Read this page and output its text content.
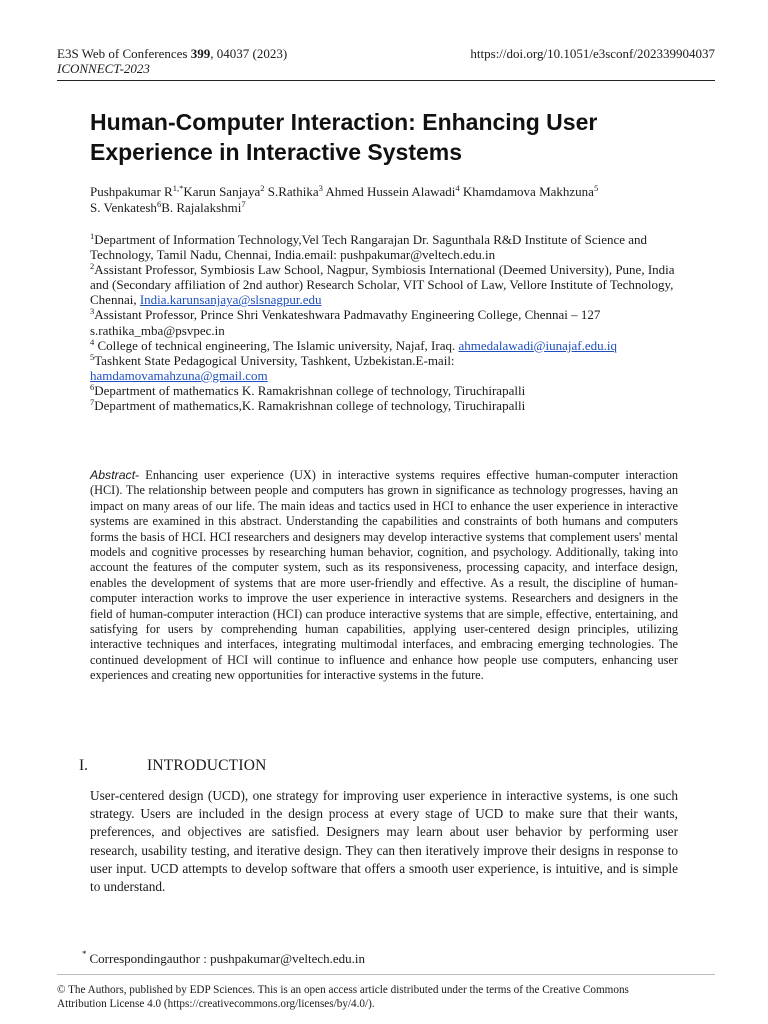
E3S Web of Conferences 399, 04037 (2023)
ICONNECT-2023
https://doi.org/10.1051/e3sconf/202339904037
Human-Computer Interaction: Enhancing User
Experience in Interactive Systems
Pushpakumar $R^{1,*}Karun$ Sanjaya$^2$ S.Rathika$^3$ Ahmed Hussein Alawadi$^4$ Khamdamova Makhzuna$^5$
S. Venkatesh$^6$B. Rajalakshmi$^7$
$^1$Department of Information Technology,Vel Tech Rangarajan Dr. Sagunthala R&D Institute of Science and Technology, Tamil Nadu, Chennai, India.email: pushpakumar@veltech.edu.in
$^2$Assistant Professor, Symbiosis Law School, Nagpur, Symbiosis International (Deemed University), Pune, India and (Secondary affiliation of 2nd author) Research Scholar, VIT School of Law, Vellore Institute of Technology, Chennai, India.karunsanjaya@slsnagpur.edu
$^3$Assistant Professor, Prince Shri Venkateshwara Padmavathy Engineering College, Chennai – 127 s.rathika_mba@psvpec.in
$^4$ College of technical engineering, The Islamic university, Najaf, Iraq. ahmedalawadi@iunajaf.edu.iq
$^5$Tashkent State Pedagogical University, Tashkent, Uzbekistan.E-mail:
hamdamovamahzuna@gmail.com
$^6$Department of mathematics K. Ramakrishnan college of technology, Tiruchirapalli
$^7$Department of mathematics,K. Ramakrishnan college of technology, Tiruchirapalli
Abstract- Enhancing user experience (UX) in interactive systems requires effective human-computer interaction (HCI). The relationship between people and computers has grown in significance as technology progresses, having an impact on many areas of our life. The main ideas and tactics used in HCI to enhance the user experience in interactive systems are examined in this abstract. Understanding the capabilities and constraints of both humans and computers forms the basis of HCI. HCI researchers and designers may develop interactive systems that complement users' mental models and cognitive processes by researching human behavior, cognition, and psychology. Additionally, taking into account the features of the computer system, such as its responsiveness, processing capacity, and interface design, enables the development of systems that are more user-friendly and effective. As a result, the discipline of human-computer interaction works to improve the user experience in interactive systems. Researchers and designers in the field of human-computer interaction (HCI) can produce interactive systems that are simple, effective, entertaining, and satisfying for users by comprehending human capabilities, applying user-centered design principles, utilizing interactive techniques and interfaces, integrating multimodal interfaces, and embracing emerging technologies. The continued development of HCI will continue to influence and enhance how people use computers, enhancing user experiences and creating new opportunities for interactive systems in the future.
I.	INTRODUCTION
User-centered design (UCD), one strategy for improving user experience in interactive systems, is one such strategy. Users are included in the design process at every stage of UCD to make sure that their wants, preferences, and objectives are satisfied. Designers may learn about user behavior by performing user research, usability testing, and iterative design. They can then iteratively improve their designs in response to user input. UCD attempts to develop software that offers a smooth user experience, is intuitive, and is simple to understand.
* Correspondingauthor : pushpakumar@veltech.edu.in
© The Authors, published by EDP Sciences. This is an open access article distributed under the terms of the Creative Commons
Attribution License 4.0 (https://creativecommons.org/licenses/by/4.0/).
